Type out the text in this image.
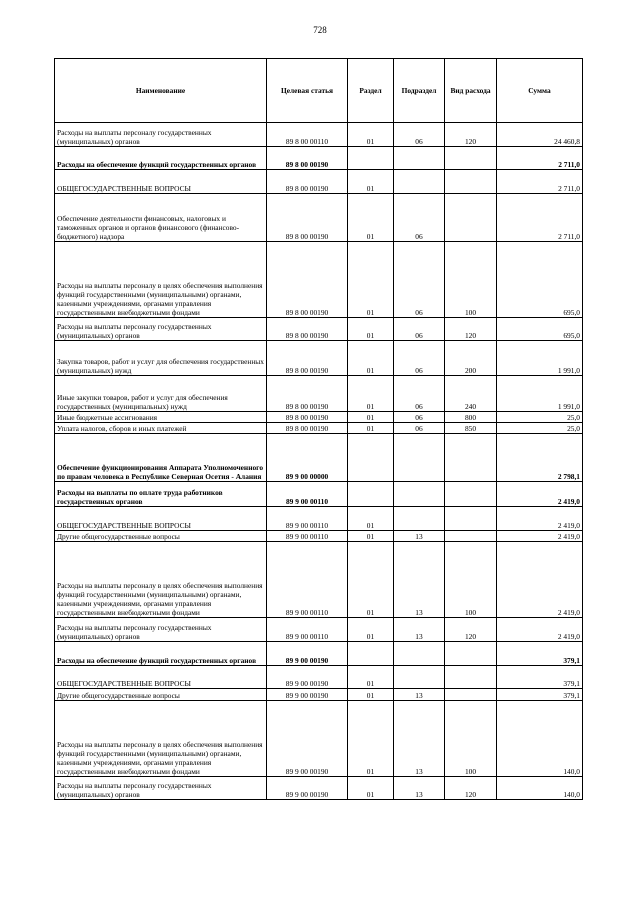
728
Наименование	Целевая статья	Раздел	Подраздел	Вид расхода	Сумма
Расходы на выплаты персоналу государственных (муниципальных) органов	89 8 00 00110	01	06	120	24 460,8
Расходы на обеспечение функций государственных органов	89 8 00 00190				2 711,0
ОБЩЕГОСУДАРСТВЕННЫЕ ВОПРОСЫ	89 8 00 00190	01			2 711,0
Обеспечение деятельности финансовых, налоговых и таможенных органов и органов финансового (финансово-бюджетного) надзора	89 8 00 00190	01	06		2 711,0
Расходы на выплаты персоналу в целях обеспечения выполнения функций государственными (муниципальными) органами, казенными учреждениями, органами управления государственными внебюджетными фондами	89 8 00 00190	01	06	100	695,0
Расходы на выплаты персоналу государственных (муниципальных) органов	89 8 00 00190	01	06	120	695,0
Закупка товаров, работ и услуг для обеспечения государственных (муниципальных) нужд	89 8 00 00190	01	06	200	1 991,0
Иные закупки товаров, работ и услуг для обеспечения государственных (муниципальных) нужд	89 8 00 00190	01	06	240	1 991,0
Иные бюджетные ассигнования	89 8 00 00190	01	06	800	25,0
Уплата налогов, сборов и иных платежей	89 8 00 00190	01	06	850	25,0
Обеспечение функционирования Аппарата Уполномоченного по правам человека в Республике Северная Осетия - Алания	89 9 00 00000				2 798,1
Расходы на выплаты по оплате труда работников государственных органов	89 9 00 00110				2 419,0
ОБЩЕГОСУДАРСТВЕННЫЕ ВОПРОСЫ	89 9 00 00110	01			2 419,0
Другие общегосударственные вопросы	89 9 00 00110	01	13		2 419,0
Расходы на выплаты персоналу в целях обеспечения выполнения функций государственными (муниципальными) органами, казенными учреждениями, органами управления государственными внебюджетными фондами	89 9 00 00110	01	13	100	2 419,0
Расходы на выплаты персоналу государственных (муниципальных) органов	89 9 00 00110	01	13	120	2 419,0
Расходы на обеспечение функций государственных органов	89 9 00 00190				379,1
ОБЩЕГОСУДАРСТВЕННЫЕ ВОПРОСЫ	89 9 00 00190	01			379,1
Другие общегосударственные вопросы	89 9 00 00190	01	13		379,1
Расходы на выплаты персоналу в целях обеспечения выполнения функций государственными (муниципальными) органами, казенными учреждениями, органами управления государственными внебюджетными фондами	89 9 00 00190	01	13	100	140,0
Расходы на выплаты персоналу государственных (муниципальных) органов	89 9 00 00190	01	13	120	140,0
